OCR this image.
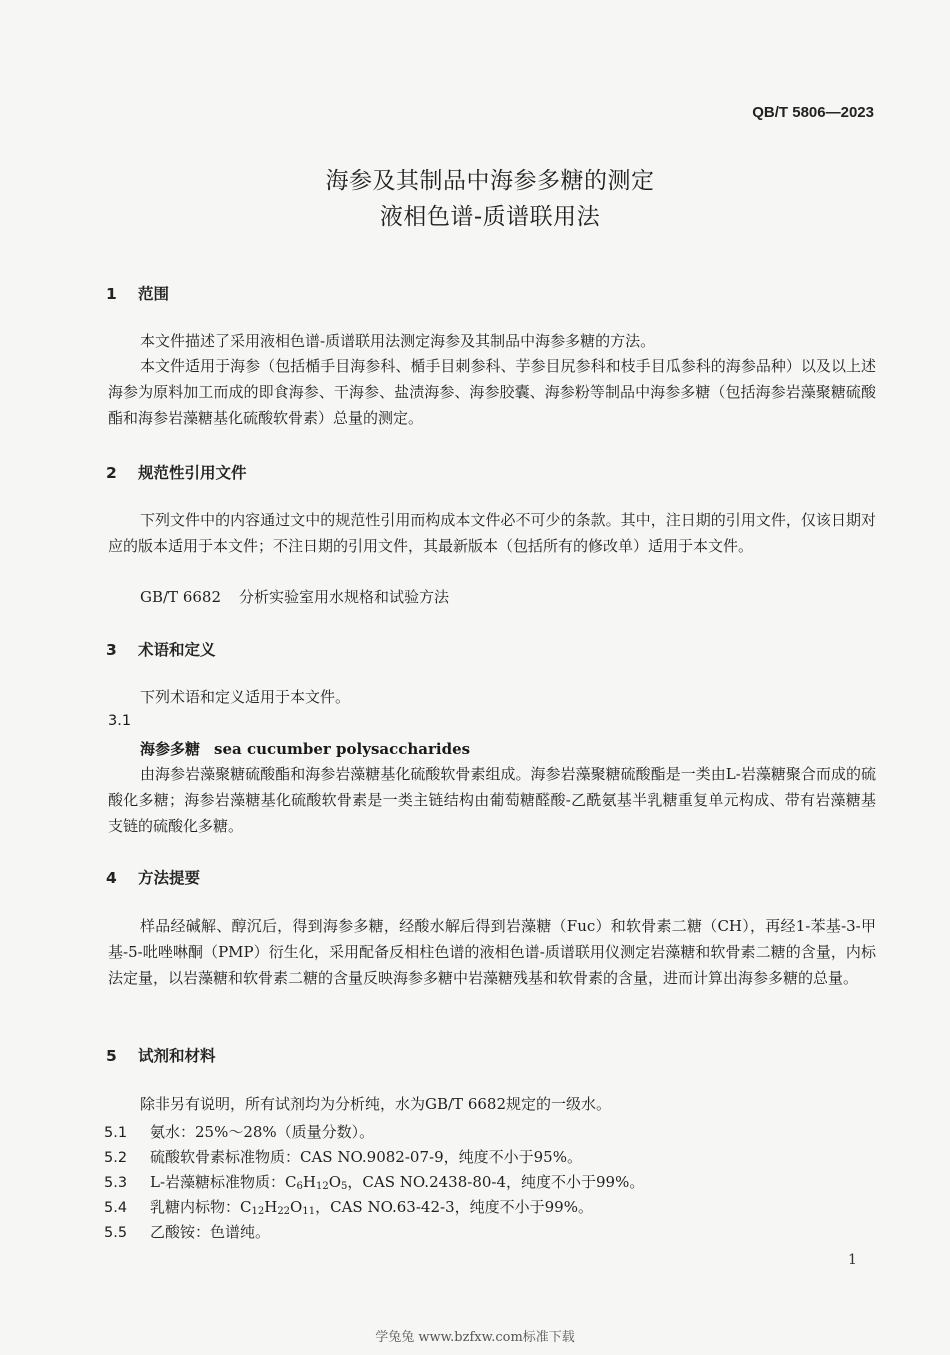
QB/T 5806—2023
海参及其制品中海参多糖的测定
液相色谱-质谱联用法
1 范围
本文件描述了采用液相色谱-质谱联用法测定海参及其制品中海参多糖的方法。
本文件适用于海参（包括楯手目海参科、楯手目刺参科、芋参目尻参科和枝手目瓜参科的海参品种）以及以上述海参为原料加工而成的即食海参、干海参、盐渍海参、海参胶囊、海参粉等制品中海参多糖（包括海参岩藻聚糖硫酸酯和海参岩藻糖基化硫酸软骨素）总量的测定。
2 规范性引用文件
下列文件中的内容通过文中的规范性引用而构成本文件必不可少的条款。其中，注日期的引用文件，仅该日期对应的版本适用于本文件；不注日期的引用文件，其最新版本（包括所有的修改单）适用于本文件。
GB/T 6682 分析实验室用水规格和试验方法
3 术语和定义
下列术语和定义适用于本文件。
3.1
海参多糖 sea cucumber polysaccharides
由海参岩藻聚糖硫酸酯和海参岩藻糖基化硫酸软骨素组成。海参岩藻聚糖硫酸酯是一类由L-岩藻糖聚合而成的硫酸化多糖；海参岩藻糖基化硫酸软骨素是一类主链结构由葡萄糖醛酸-乙酰氨基半乳糖重复单元构成、带有岩藻糖基支链的硫酸化多糖。
4 方法提要
样品经碱解、醇沉后，得到海参多糖，经酸水解后得到岩藻糖（Fuc）和软骨素二糖（CH），再经1-苯基-3-甲基-5-吡唑啉酮（PMP）衍生化，采用配备反相柱色谱的液相色谱-质谱联用仪测定岩藻糖和软骨素二糖的含量，内标法定量，以岩藻糖和软骨素二糖的含量反映海参多糖中岩藻糖残基和软骨素的含量，进而计算出海参多糖的总量。
5 试剂和材料
除非另有说明，所有试剂均为分析纯，水为GB/T 6682规定的一级水。
5.1 氨水：25%～28%（质量分数）。
5.2 硫酸软骨素标准物质：CAS NO.9082-07-9，纯度不小于95%。
5.3 L-岩藻糖标准物质：$C_6H_{12}O_5$，CAS NO.2438-80-4，纯度不小于99%。
5.4 乳糖内标物：$C_{12}H_{22}O_{11}$，CAS NO.63-42-3，纯度不小于99%。
5.5 乙酸铵：色谱纯。
1
学兔兔 www.bzfxw.com标准下载
